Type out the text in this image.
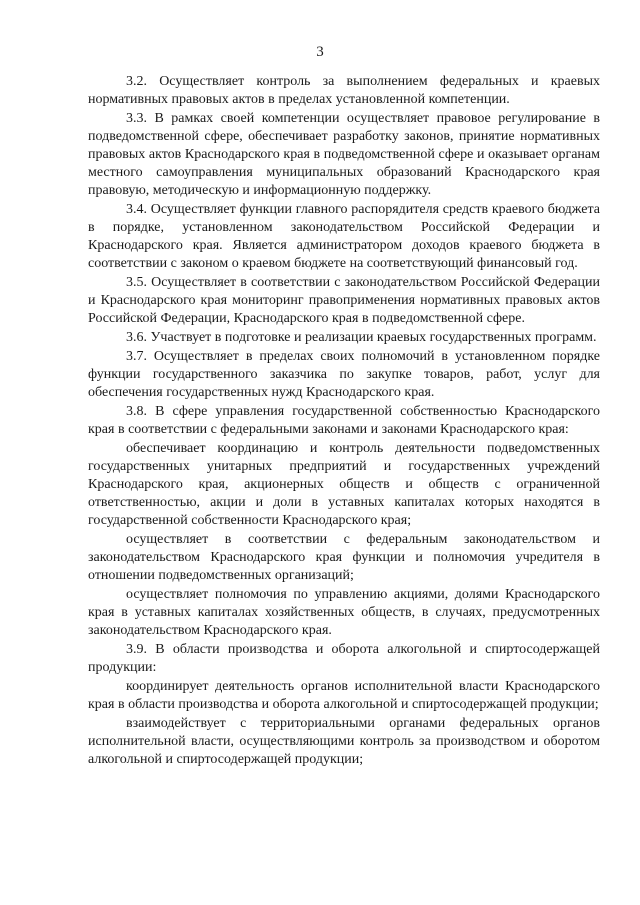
3

3.2. Осуществляет контроль за выполнением федеральных и краевых нормативных правовых актов в пределах установленной компетенции.

3.3. В рамках своей компетенции осуществляет правовое регулирование в подведомственной сфере, обеспечивает разработку законов, принятие нормативных правовых актов Краснодарского края в подведомственной сфере и оказывает органам местного самоуправления муниципальных образований Краснодарского края правовую, методическую и информационную поддержку.

3.4. Осуществляет функции главного распорядителя средств краевого бюджета в порядке, установленном законодательством Российской Федерации и Краснодарского края. Является администратором доходов краевого бюджета в соответствии с законом о краевом бюджете на соответствующий финансовый год.

3.5. Осуществляет в соответствии с законодательством Российской Федерации и Краснодарского края мониторинг правоприменения нормативных правовых актов Российской Федерации, Краснодарского края в подведомственной сфере.

3.6. Участвует в подготовке и реализации краевых государственных программ.

3.7. Осуществляет в пределах своих полномочий в установленном порядке функции государственного заказчика по закупке товаров, работ, услуг для обеспечения государственных нужд Краснодарского края.

3.8. В сфере управления государственной собственностью Краснодарского края в соответствии с федеральными законами и законами Краснодарского края:

обеспечивает координацию и контроль деятельности подведомственных государственных унитарных предприятий и государственных учреждений Краснодарского края, акционерных обществ и обществ с ограниченной ответственностью, акции и доли в уставных капиталах которых находятся в государственной собственности Краснодарского края;

осуществляет в соответствии с федеральным законодательством и законодательством Краснодарского края функции и полномочия учредителя в отношении подведомственных организаций;

осуществляет полномочия по управлению акциями, долями Краснодарского края в уставных капиталах хозяйственных обществ, в случаях, предусмотренных законодательством Краснодарского края.

3.9. В области производства и оборота алкогольной и спиртосодержащей продукции:

координирует деятельность органов исполнительной власти Краснодарского края в области производства и оборота алкогольной и спиртосодержащей продукции;

взаимодействует с территориальными органами федеральных органов исполнительной власти, осуществляющими контроль за производством и оборотом алкогольной и спиртосодержащей продукции;
